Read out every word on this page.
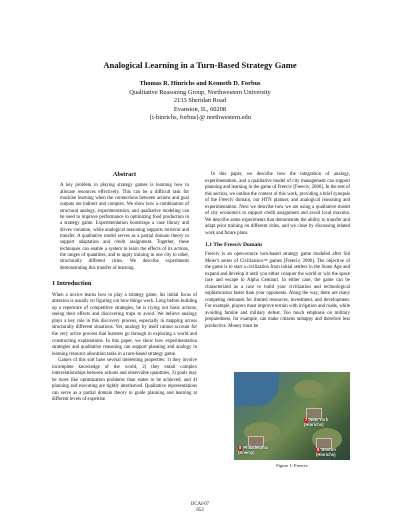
Analogical Learning in a Turn-Based Strategy Game
Thomas R. Hinrichs and Kenneth D. Forbus
Qualitative Reasoning Group, Northwestern University
2133 Sheridan Road
Evanston, IL, 60208
{t-hinrichs, forbus}@ northwestern.edu
Abstract

A key problem in playing strategy games is learning how to allocate resources effectively. This can be a difficult task for machine learning when the connections between actions and goal outputs are indirect and complex. We show how a combination of structural analogy, experimentation, and qualitative modeling can be used to improve performance in optimizing food production in a strategy game. Experimentation bootstraps a case library and drives variation, while analogical reasoning supports retrieval and transfer. A qualitative model serves as a partial domain theory to support adaptation and credit assignment. Together, these techniques can enable a system to learn the effects of its actions, the ranges of quantities, and to apply training in one city to other, structurally different cities. We describe experiments demonstrating this transfer of learning.

1 Introduction

When a novice learns how to play a strategy game, his initial focus of attention is usually on figuring out how things work. Long before building up a repertoire of competitive strategies, he is trying out basic actions, seeing their effects and discovering traps to avoid. We believe analogy plays a key role in this discovery process, especially in mapping across structurally different situations. Yet, analogy by itself cannot account for the very active process that learners go through in exploring a world and constructing explanations. In this paper, we show how experimentation strategies and qualitative reasoning can support planning and analogy in learning resource allocation tasks in a turn-based strategy game.

Games of this sort have several interesting properties: 1) they involve incomplete knowledge of the world, 2) they entail complex interrelationships between actions and observable quantities, 3) goals may be more like optimization problems than states to be achieved, and 4) planning and executing are tightly interleaved. Qualitative representations can serve as a partial domain theory to guide planning and learning at different levels of expertise.

In this paper, we describe how the integration of analogy, experimentation, and a qualitative model of city management can support planning and learning in the game of Freeciv [Freeciv, 2006]. In the rest of this section, we outline the context of this work, providing a brief synopsis of the Freeciv domain, our HTN planner, and analogical reasoning and experimentation. Next we describe how we are using a qualitative model of city economics to support credit assignment and avoid local maxima. We describe some experiments that demonstrate the ability to transfer and adapt prior training on different cities, and we close by discussing related work and future plans.

1.1 The Freeciv Domain

Freeciv is an open-source turn-based strategy game modeled after Sid Meier's series of Civilization™ games [Freeciv, 2006]. The objective of the game is to start a civilization from initial settlers in the Stone Age and expand and develop it until you either conquer the world or win the space race and escape to Alpha Centauri. In either case, the game can be characterized as a race to build your civilization and technological sophistication faster than your opponents. Along the way, there are many competing demands for limited resources, investment, and development. For example, players must improve terrain with irrigation and roads, while avoiding famine and military defeat. Too much emphasis on military preparedness, for example, can make citizens unhappy and therefore less productive. Money must be

8 Philadelphia
(Enemy)
7 New York
(Hinrichs)
6 Boston
(Hinrichs)
Figure 1: Freeciv
IJCAI-07
853
